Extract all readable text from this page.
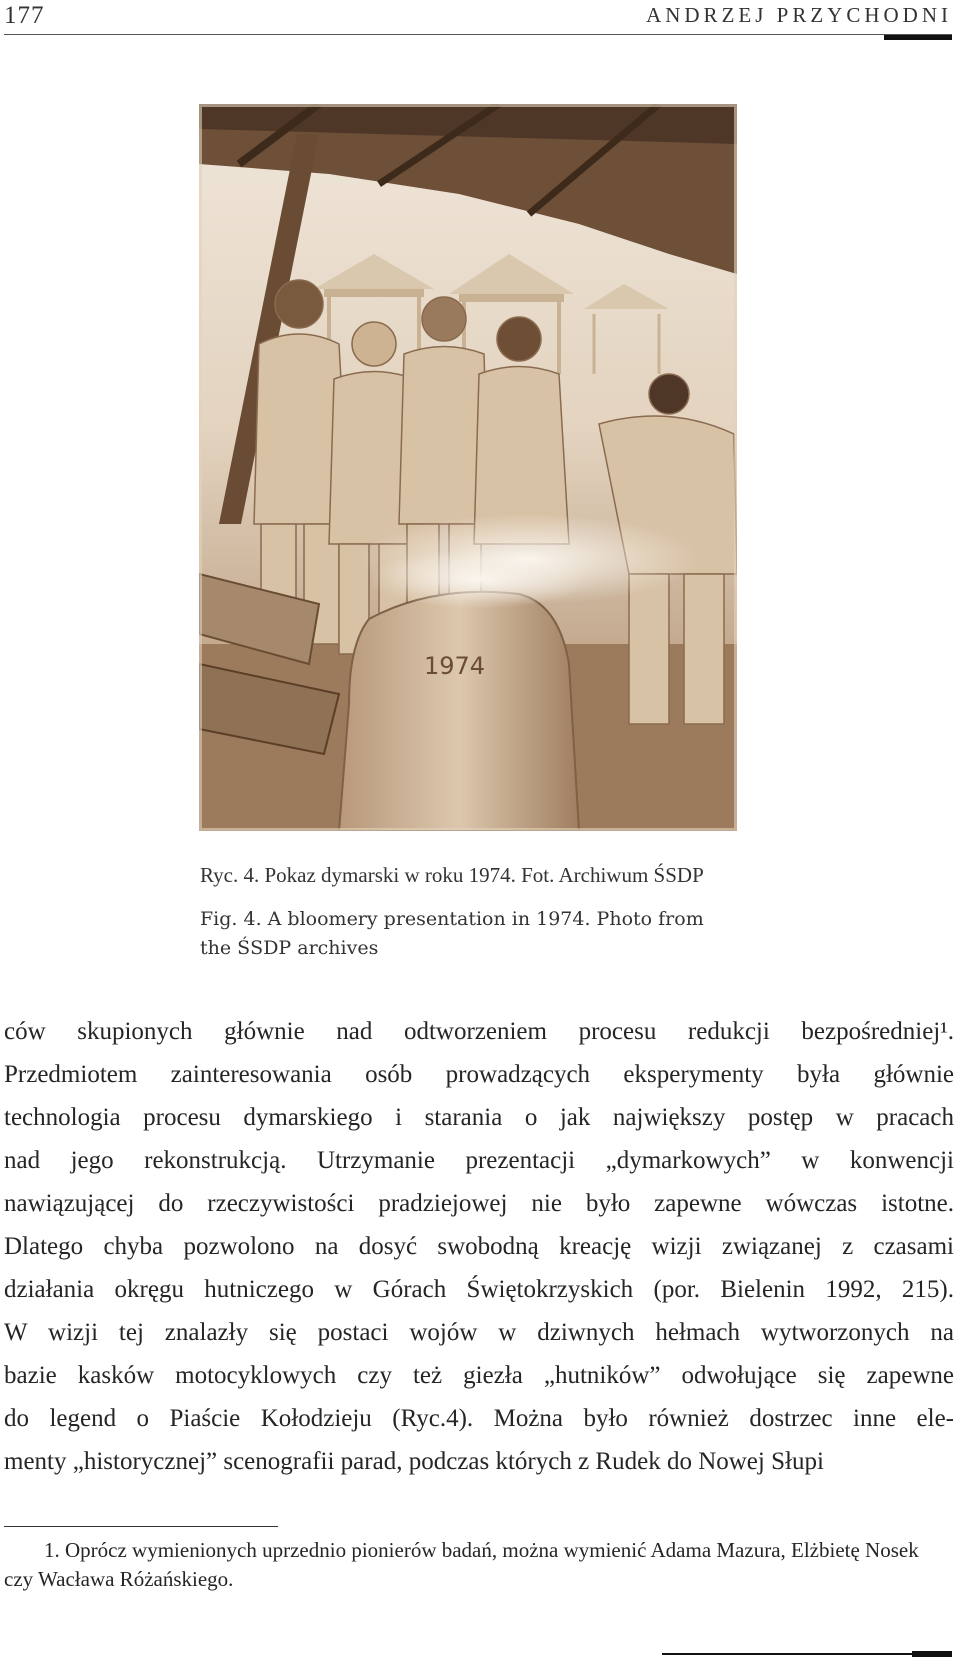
177	ANDRZEJ PRZYCHODNI
1974
Ryc. 4. Pokaz dymarski w roku 1974. Fot. Archiwum ŚSDP
Fig. 4. A bloomery presentation in 1974. Photo from the ŚSDP archives
ców skupionych głównie nad odtworzeniem procesu redukcji bezpośredniej¹.
Przedmiotem zainteresowania osób prowadzących eksperymenty była głównie
technologia procesu dymarskiego i starania o jak największy postęp w pracach
nad jego rekonstrukcją. Utrzymanie prezentacji „dymarkowych” w konwencji
nawiązującej do rzeczywistości pradziejowej nie było zapewne wówczas istotne.
Dlatego chyba pozwolono na dosyć swobodną kreację wizji związanej z czasami
działania okręgu hutniczego w Górach Świętokrzyskich (por. Bielenin 1992, 215).
W wizji tej znalazły się postaci wojów w dziwnych hełmach wytworzonych na
bazie kasków motocyklowych czy też giezła „hutników” odwołujące się zapewne
do legend o Piaście Kołodzieju (Ryc.4). Można było również dostrzec inne ele-
menty „historycznej” scenografii parad, podczas których z Rudek do Nowej Słupi
1. Oprócz wymienionych uprzednio pionierów badań, można wymienić Adama Mazura, Elżbietę Nosek czy Wacława Różańskiego.
